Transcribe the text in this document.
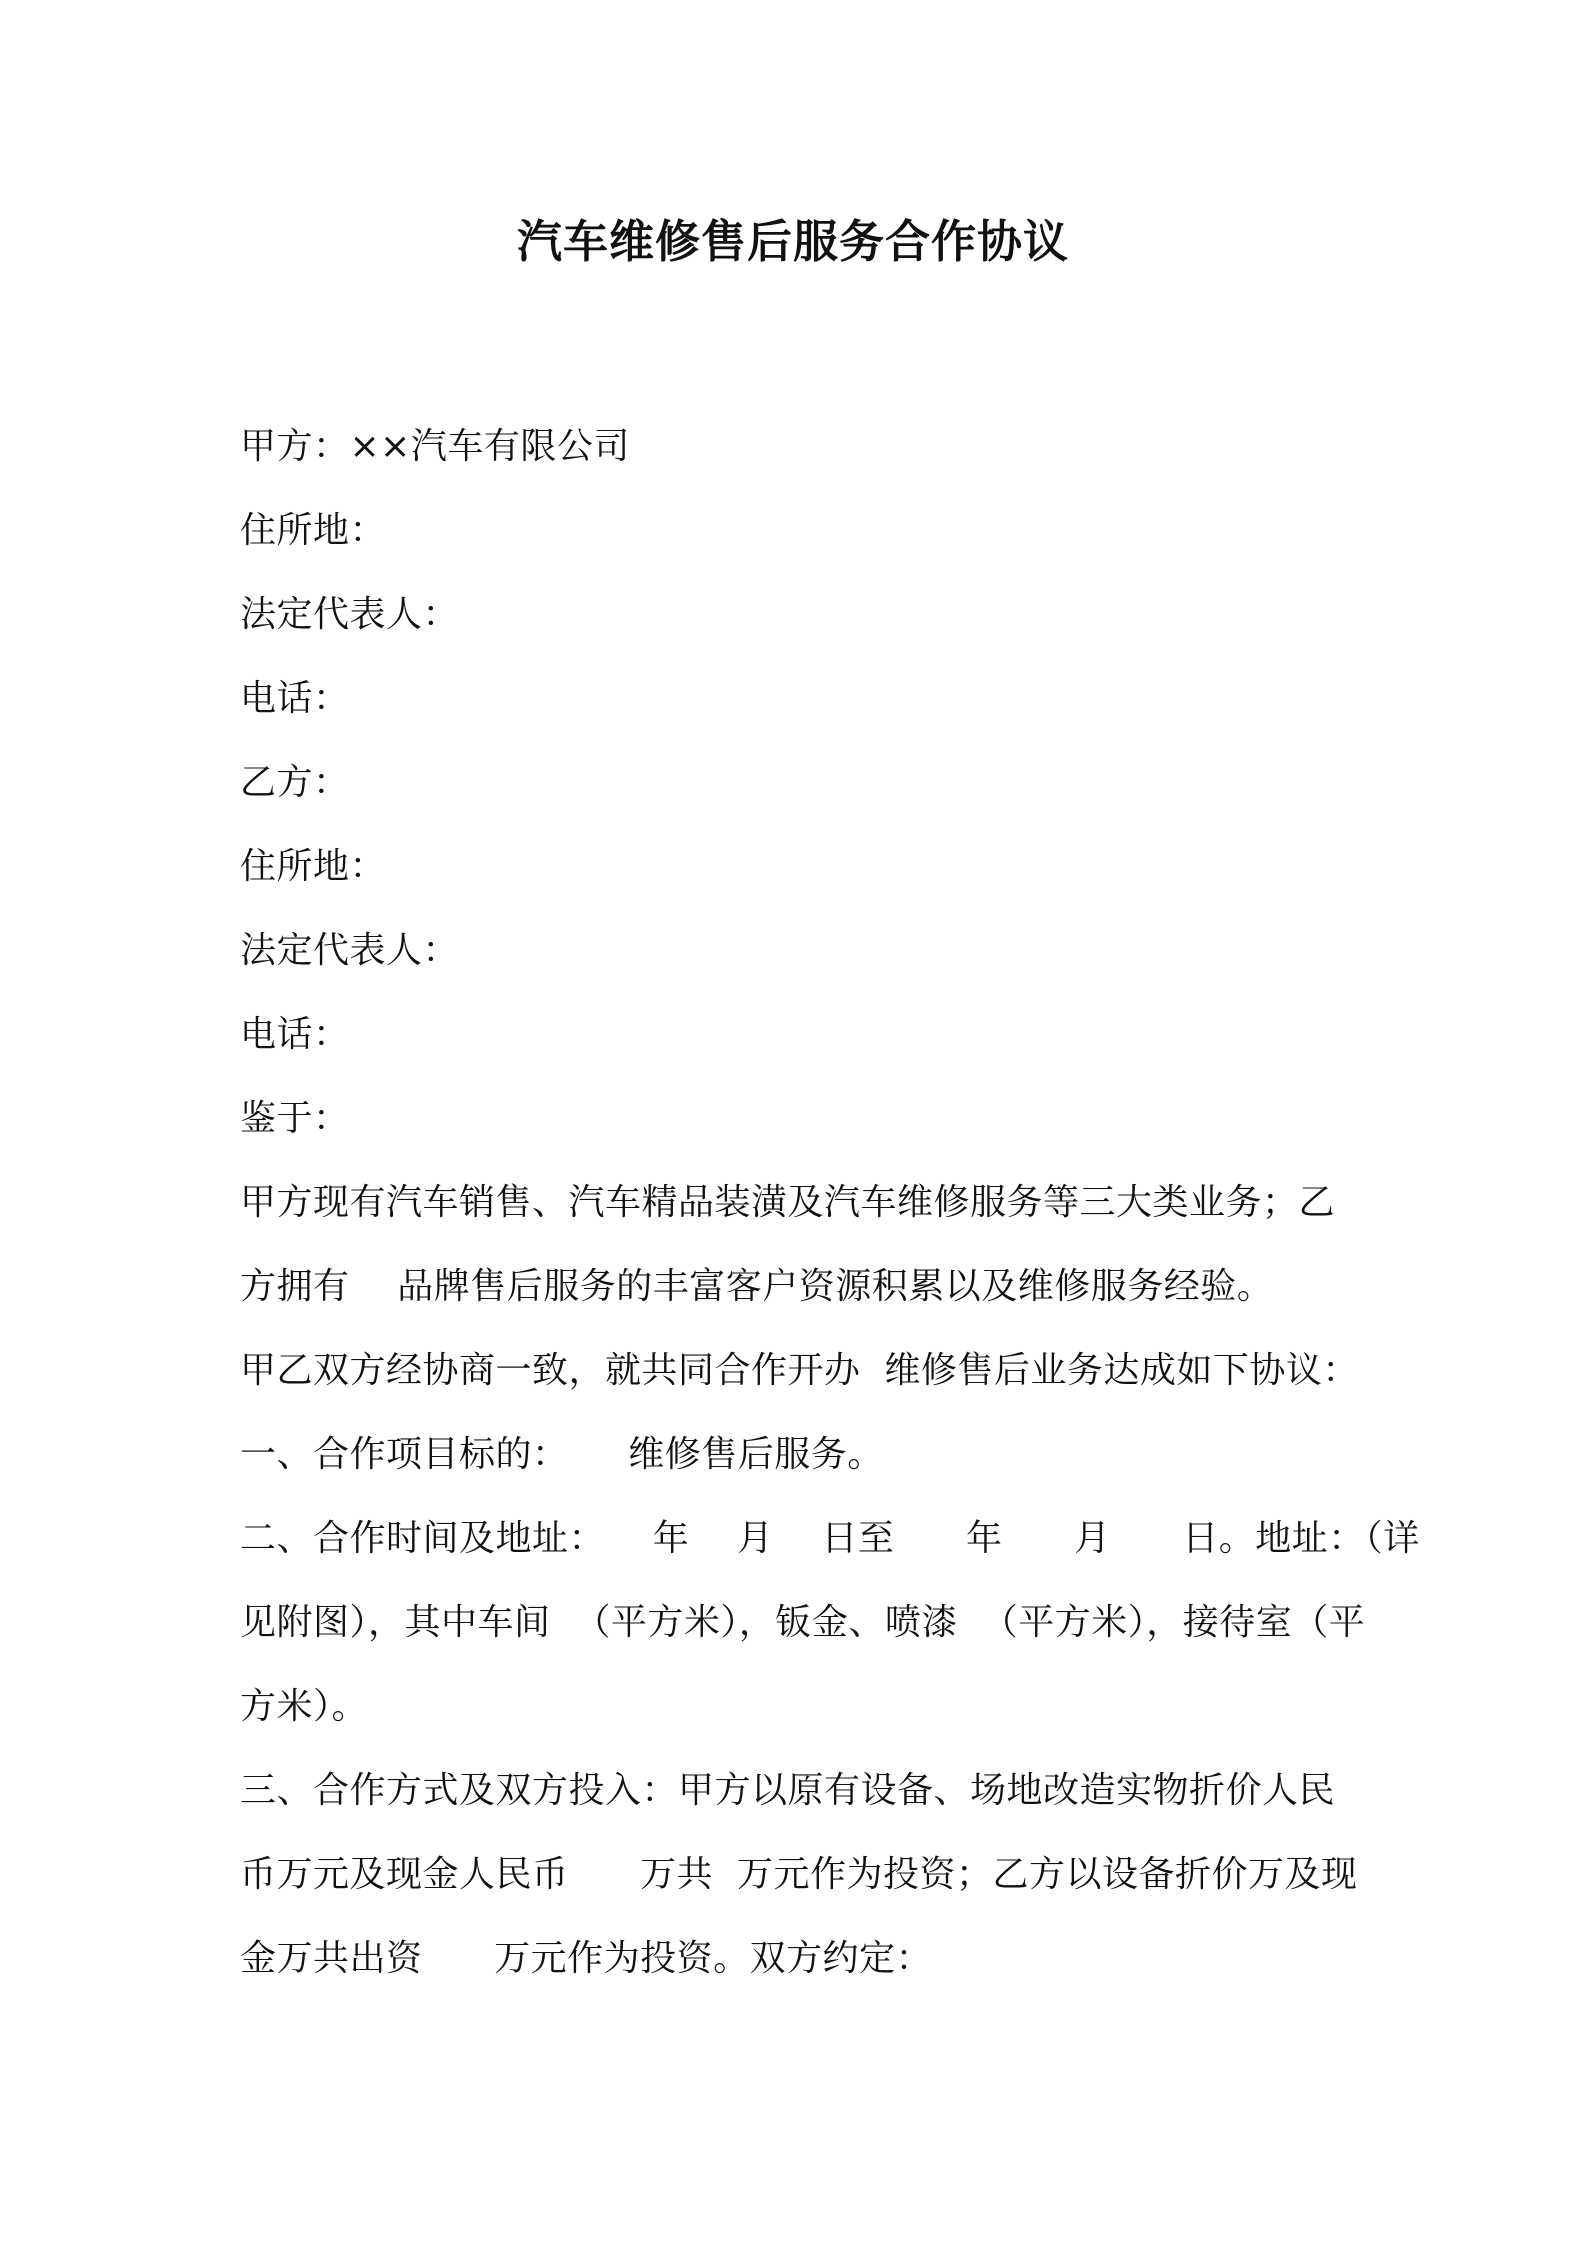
汽车维修售后服务合作协议
甲方：××汽车有限公司
住所地：
法定代表人：
电话：
乙方：
住所地：
法定代表人：
电话：
鉴于：
甲方现有汽车销售、汽车精品装潢及汽车维修服务等三大类业务；乙
方拥有    品牌售后服务的丰富客户资源积累以及维修服务经验。
甲乙双方经协商一致，就共同合作开办  维修售后业务达成如下协议：
一、合作项目标的：     维修售后服务。
二、合作时间及地址：    年    月    日至      年      月      日。地址：（详
见附图），其中车间  （平方米），钣金、喷漆  （平方米），接待室（平
方米）。
三、合作方式及双方投入：甲方以原有设备、场地改造实物折价人民
币万元及现金人民币      万共  万元作为投资；乙方以设备折价万及现
金万共出资      万元作为投资。双方约定：
